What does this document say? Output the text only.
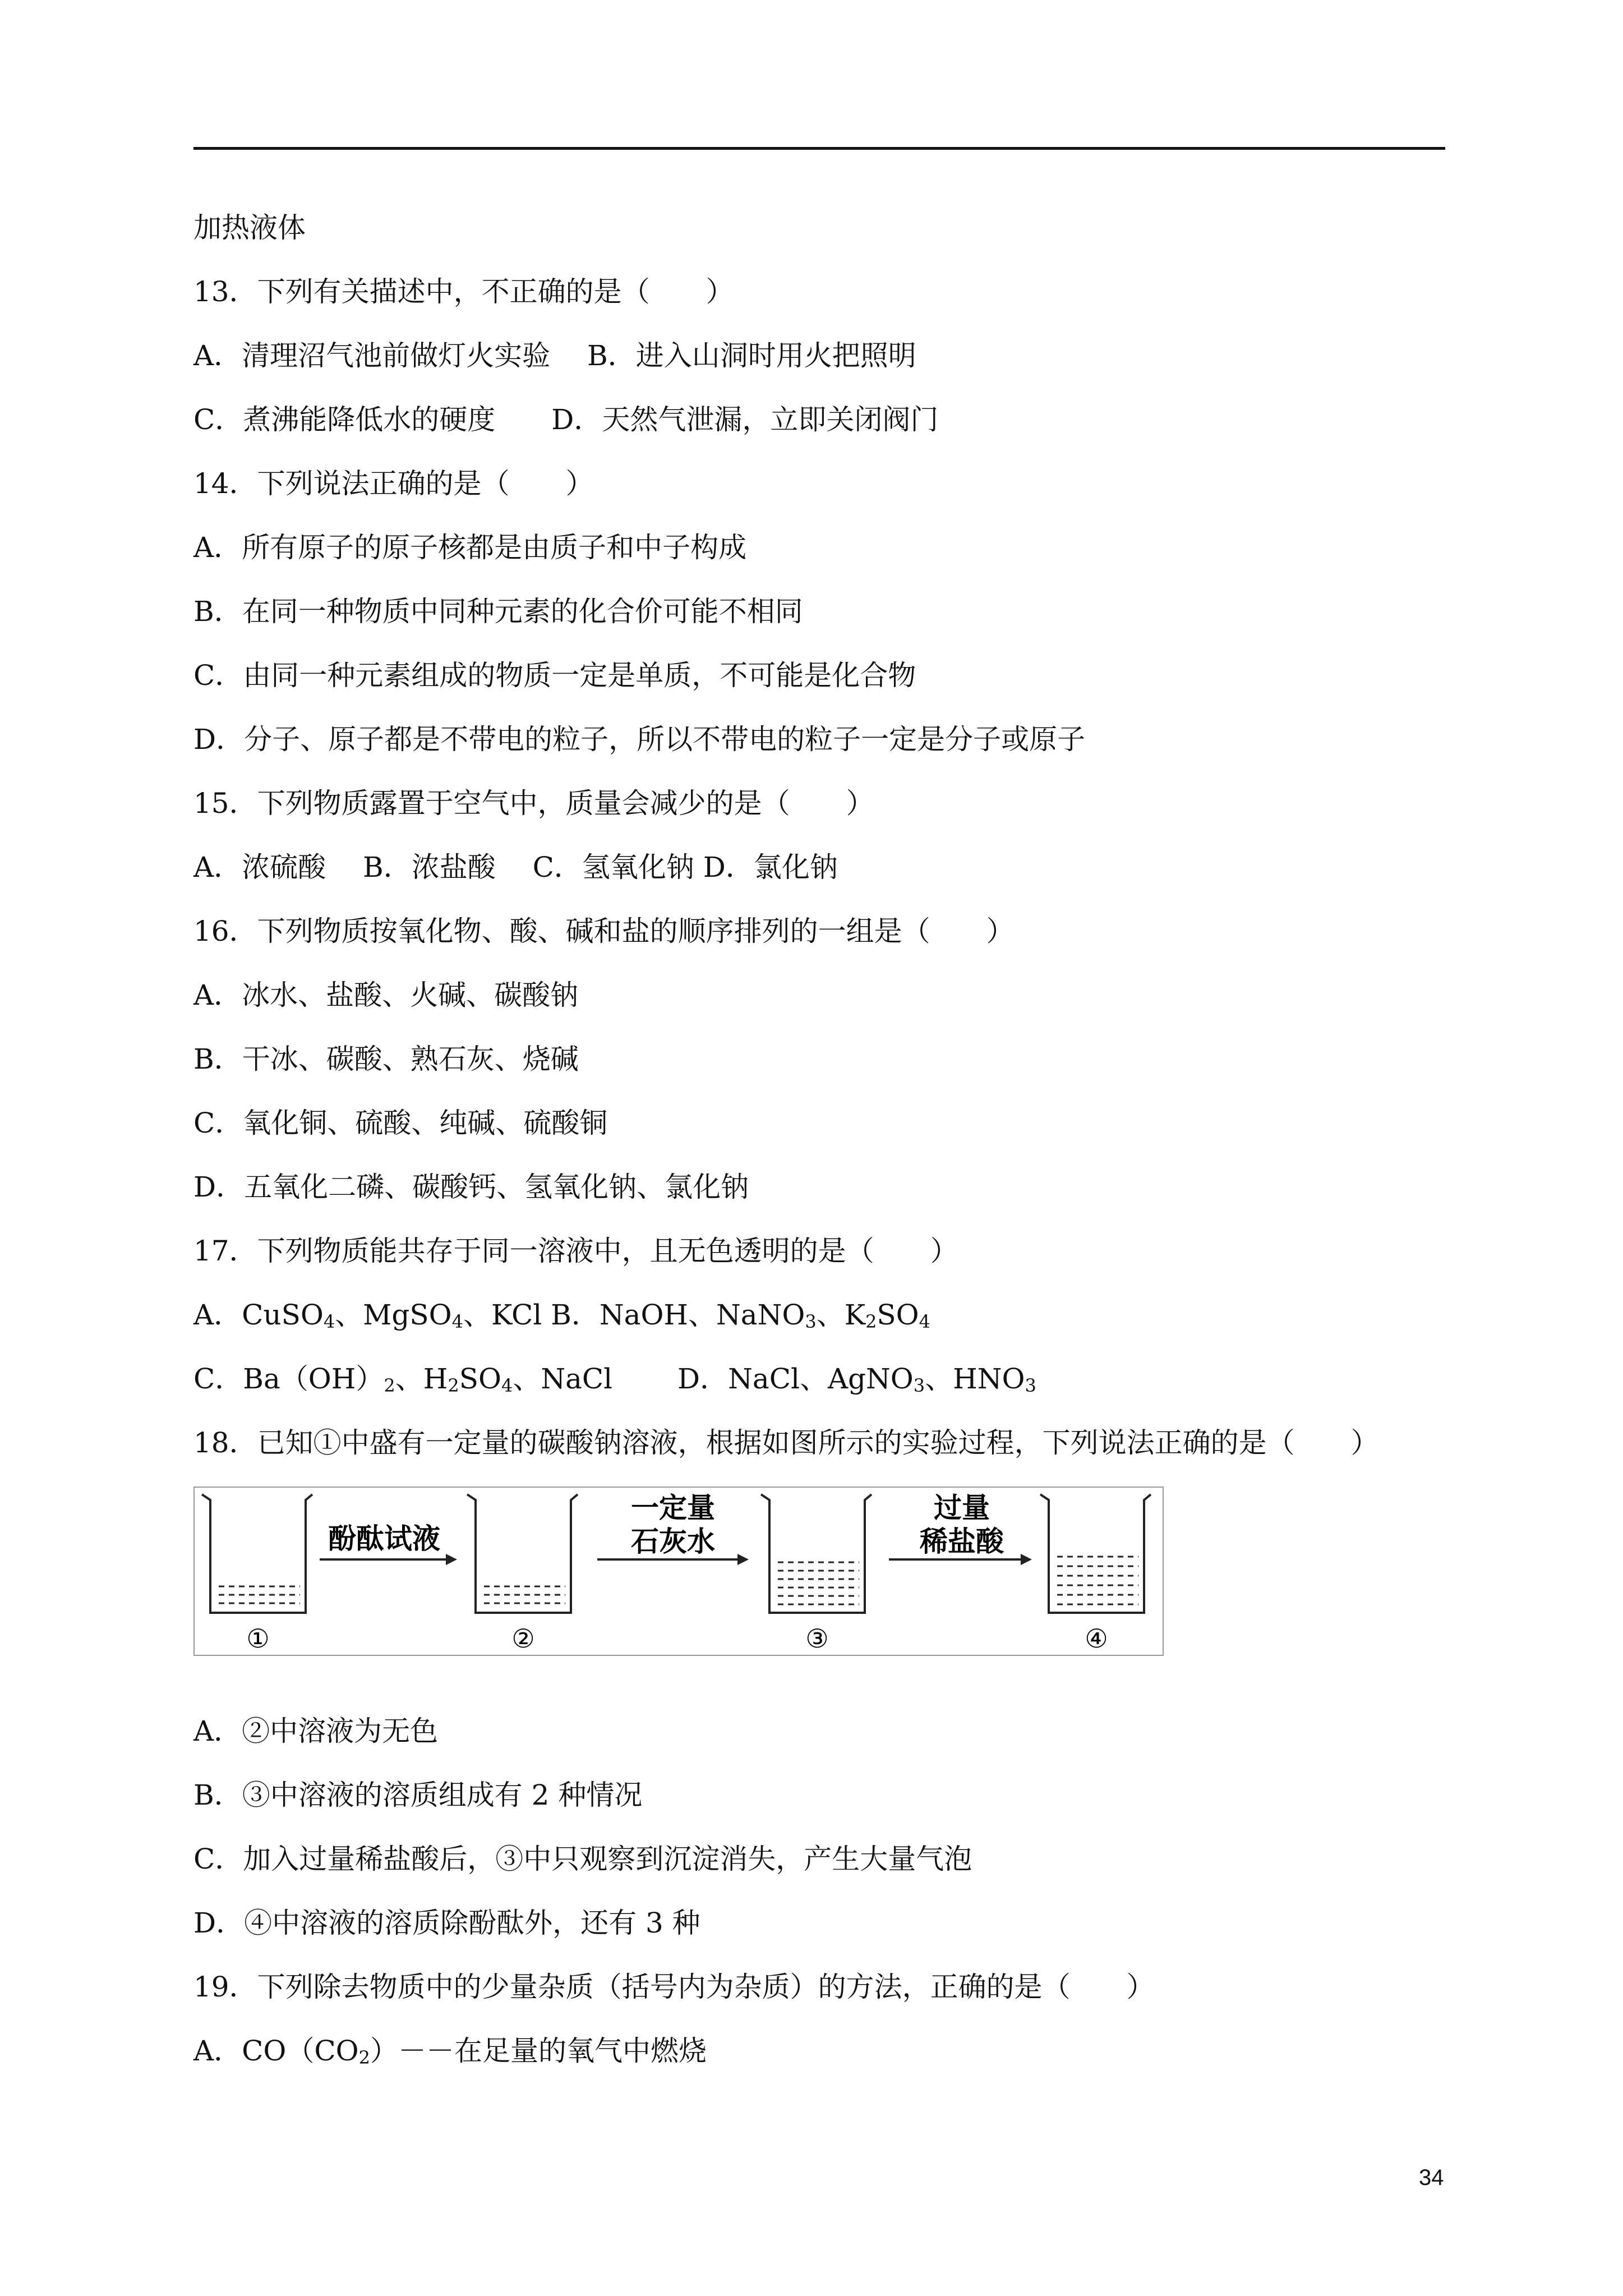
加热液体
13．下列有关描述中，不正确的是（　　）
A．清理沼气池前做灯火实验　 B．进入山洞时用火把照明
C．煮沸能降低水的硬度　　D．天然气泄漏，立即关闭阀门
14．下列说法正确的是（　　）
A．所有原子的原子核都是由质子和中子构成
B．在同一种物质中同种元素的化合价可能不相同
C．由同一种元素组成的物质一定是单质，不可能是化合物
D．分子、原子都是不带电的粒子，所以不带电的粒子一定是分子或原子
15．下列物质露置于空气中，质量会减少的是（　　）
A．浓硫酸　 B．浓盐酸　 C．氢氧化钠 D．氯化钠
16．下列物质按氧化物、酸、碱和盐的顺序排列的一组是（　　）
A．冰水、盐酸、火碱、碳酸钠
B．干冰、碳酸、熟石灰、烧碱
C．氧化铜、硫酸、纯碱、硫酸铜
D．五氧化二磷、碳酸钙、氢氧化钠、氯化钠
17．下列物质能共存于同一溶液中，且无色透明的是（　　）
A．CuSO$_4$、MgSO$_4$、KCl B．NaOH、NaNO$_3$、$K_2SO_4$
C．$Ba(OH)_2$、$H_2SO_4$、NaCl　 　D．NaCl、AgNO$_3$、$HNO_3$
18．已知①中盛有一定量的碳酸钠溶液，根据如图所示的实验过程，下列说法正确的是（　　）
①
酚酞试液
②
一定量
石灰水
③
过量
稀盐酸
④
A．②中溶液为无色
B．③中溶液的溶质组成有 2 种情况
C．加入过量稀盐酸后，③中只观察到沉淀消失，产生大量气泡
D．④中溶液的溶质除酚酞外，还有 3 种
19．下列除去物质中的少量杂质（括号内为杂质）的方法，正确的是（　　）
A．$CO(CO_2)--$在足量的氧气中燃烧
34
